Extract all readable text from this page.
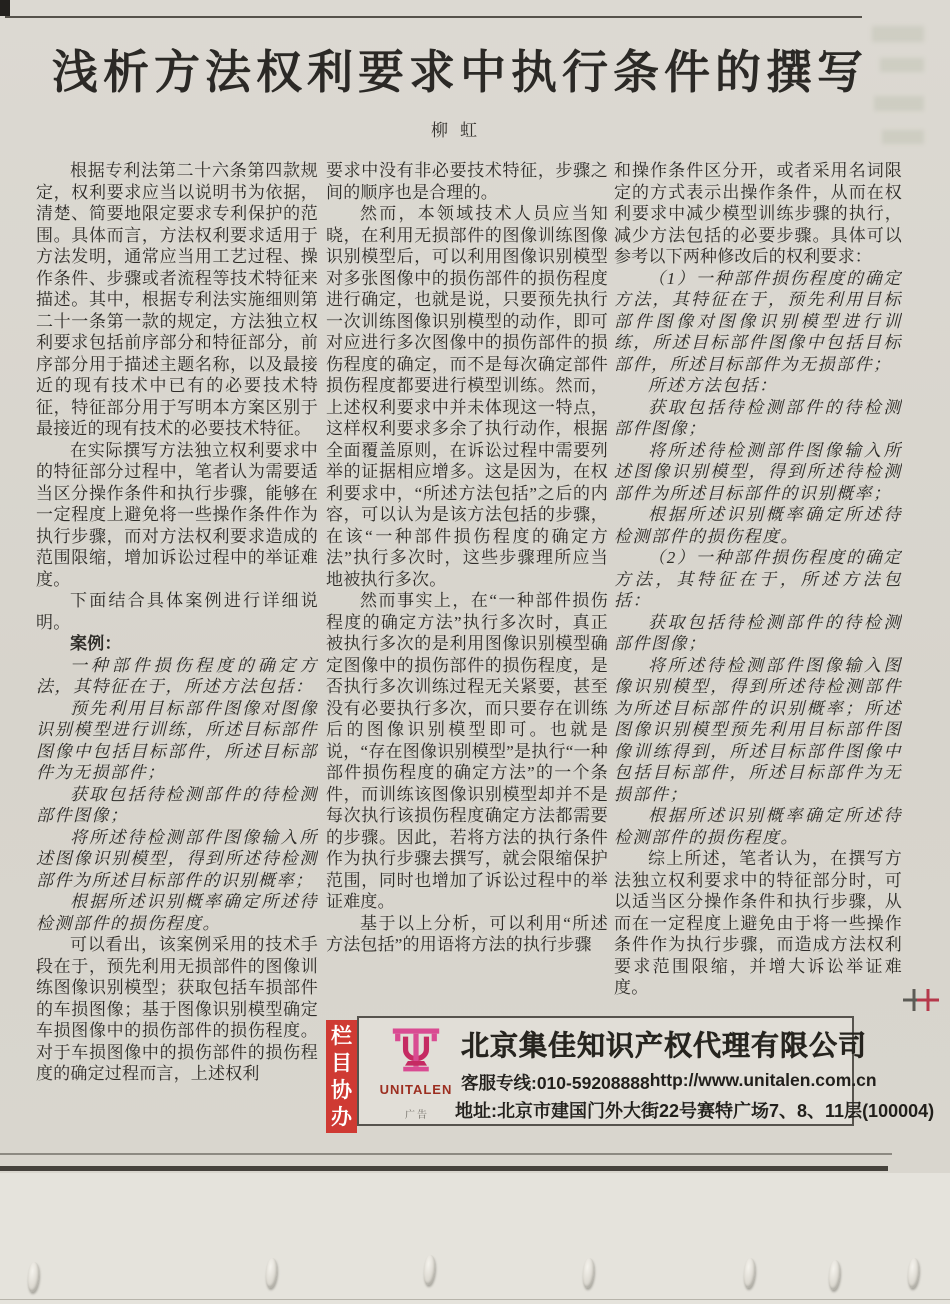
浅析方法权利要求中执行条件的撰写
柳虹

根据专利法第二十六条第四款规定，权利要求应当以说明书为依据，清楚、简要地限定要求专利保护的范围。具体而言，方法权利要求适用于方法发明，通常应当用工艺过程、操作条件、步骤或者流程等技术特征来描述。其中，根据专利法实施细则第二十一条第一款的规定，方法独立权利要求包括前序部分和特征部分，前序部分用于描述主题名称，以及最接近的现有技术中已有的必要技术特征，特征部分用于写明本方案区别于最接近的现有技术的必要技术特征。

在实际撰写方法独立权利要求中的特征部分过程中，笔者认为需要适当区分操作条件和执行步骤，能够在一定程度上避免将一些操作条件作为执行步骤，而对方法权利要求造成的范围限缩，增加诉讼过程中的举证难度。

下面结合具体案例进行详细说明。

案例：

一种部件损伤程度的确定方法，其特征在于，所述方法包括：

预先利用目标部件图像对图像识别模型进行训练，所述目标部件图像中包括目标部件，所述目标部件为无损部件；

获取包括待检测部件的待检测部件图像；

将所述待检测部件图像输入所述图像识别模型，得到所述待检测部件为所述目标部件的识别概率；

根据所述识别概率确定所述待检测部件的损伤程度。

可以看出，该案例采用的技术手段在于，预先利用无损部件的图像训练图像识别模型；获取包括车损部件的车损图像；基于图像识别模型确定车损图像中的损伤部件的损伤程度。对于车损图像中的损伤部件的损伤程度的确定过程而言，上述权利

要求中没有非必要技术特征，步骤之间的顺序也是合理的。

然而，本领域技术人员应当知晓，在利用无损部件的图像训练图像识别模型后，可以利用图像识别模型对多张图像中的损伤部件的损伤程度进行确定，也就是说，只要预先执行一次训练图像识别模型的动作，即可对应进行多次图像中的损伤部件的损伤程度的确定，而不是每次确定部件损伤程度都要进行模型训练。然而，上述权利要求中并未体现这一特点，这样权利要求多余了执行动作，根据全面覆盖原则，在诉讼过程中需要列举的证据相应增多。这是因为，在权利要求中，“所述方法包括”之后的内容，可以认为是该方法包括的步骤，在该“一种部件损伤程度的确定方法”执行多次时，这些步骤理所应当地被执行多次。

然而事实上，在“一种部件损伤程度的确定方法”执行多次时，真正被执行多次的是利用图像识别模型确定图像中的损伤部件的损伤程度，是否执行多次训练过程无关紧要，甚至没有必要执行多次，而只要存在训练后的图像识别模型即可。也就是说，“存在图像识别模型”是执行“一种部件损伤程度的确定方法”的一个条件，而训练该图像识别模型却并不是每次执行该损伤程度确定方法都需要的步骤。因此，若将方法的执行条件作为执行步骤去撰写，就会限缩保护范围，同时也增加了诉讼过程中的举证难度。

基于以上分析，可以利用“所述方法包括”的用语将方法的执行步骤

和操作条件区分开，或者采用名词限定的方式表示出操作条件，从而在权利要求中减少模型训练步骤的执行，减少方法包括的必要步骤。具体可以参考以下两种修改后的权利要求：

（1）一种部件损伤程度的确定方法，其特征在于，预先利用目标部件图像对图像识别模型进行训练，所述目标部件图像中包括目标部件，所述目标部件为无损部件；

所述方法包括：

获取包括待检测部件的待检测部件图像；

将所述待检测部件图像输入所述图像识别模型，得到所述待检测部件为所述目标部件的识别概率；

根据所述识别概率确定所述待检测部件的损伤程度。

（2）一种部件损伤程度的确定方法，其特征在于，所述方法包括：

获取包括待检测部件的待检测部件图像；

将所述待检测部件图像输入图像识别模型，得到所述待检测部件为所述目标部件的识别概率；所述图像识别模型预先利用目标部件图像训练得到，所述目标部件图像中包括目标部件，所述目标部件为无损部件；

根据所述识别概率确定所述待检测部件的损伤程度。

综上所述，笔者认为，在撰写方法独立权利要求中的特征部分时，可以适当区分操作条件和执行步骤，从而在一定程度上避免由于将一些操作条件作为执行步骤，而造成方法权利要求范围限缩，并增大诉讼举证难度。

栏目协办
UNITALEN
广告
北京集佳知识产权代理有限公司
客服专线:010-59208888 http://www.unitalen.com.cn
地址:北京市建国门外大街22号赛特广场7、8、11层(100004)
